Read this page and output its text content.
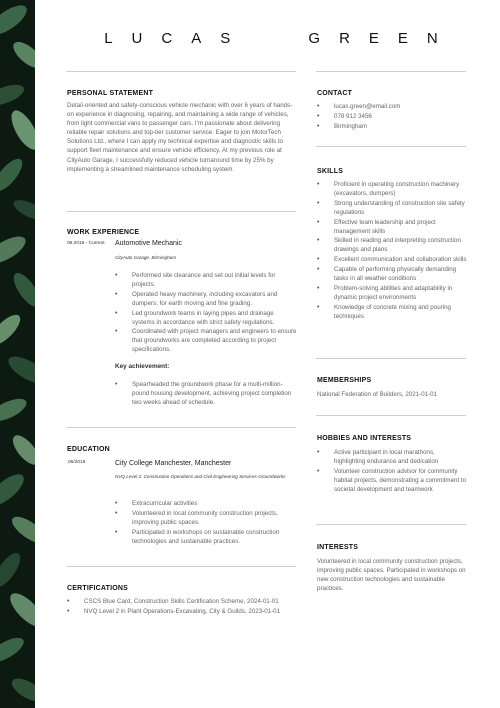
LUCAS	GREEN
PERSONAL STATEMENT
Detail-oriented and safety-conscious vehicle mechanic with over 6 years of hands-on experience in diagnosing, repairing, and maintaining a wide range of vehicles, from light commercial vans to passenger cars. I'm passionate about delivering reliable repair solutions and top-tier customer service. Eager to join MotorTech Solutions Ltd., where I can apply my technical expertise and diagnostic skills to support fleet maintenance and ensure vehicle efficiency. At my previous role at CityAuto Garage, I successfully reduced vehicle turnaround time by 25% by implementing a streamlined maintenance scheduling system.
WORK EXPERIENCE
06.2018 - Current Automotive Mechanic
CityAuto Garage, Birmingham
• Performed site clearance and set out initial levels for projects.
• Operated heavy machinery, including excavators and dumpers, for earth moving and fine grading.
• Led groundwork teams in laying pipes and drainage systems in accordance with strict safety regulations.
• Coordinated with project managers and engineers to ensure that groundworks are completed according to project specifications.
Key achievement:
• Spearheaded the groundwork phase for a multi-million-pound housing development, achieving project completion two weeks ahead of schedule.
EDUCATION
06/2019	City College Manchester, Manchester
NVQ Level 2: Construction Operations and Civil Engineering Services-Groundworks
• Extracurricular activities
• Volunteered in local community construction projects, improving public spaces.
• Participated in workshops on sustainable construction technologies and sustainable practices.
CERTIFICATIONS
• CSCS Blue Card, Construction Skills Certification Scheme, 2024-01-01
• NVQ Level 2 in Plant Operations-Excavating, City & Guilds, 2023-01-01
CONTACT
• lucas.green@email.com
• 078 912 3456
• Birmingham
SKILLS
• Proficient in operating construction machinery (excavators, dumpers)
• Strong understanding of construction site safety regulations
• Effective team leadership and project management skills
• Skilled in reading and interpreting construction drawings and plans
• Excellent communication and collaboration skills
• Capable of performing physically demanding tasks in all weather conditions
• Problem-solving abilities and adaptability in dynamic project environments
• Knowledge of concrete mixing and pouring techniques
MEMBERSHIPS
National Federation of Builders, 2021-01-01
HOBBIES AND INTERESTS
• Active participant in local marathons, highlighting endurance and dedication
• Volunteer construction advisor for community habitat projects, demonstrating a commitment to societal development and teamwork
INTERESTS
Volunteered in local community construction projects, improving public spaces. Participated in workshops on new construction technologies and sustainable practices.
